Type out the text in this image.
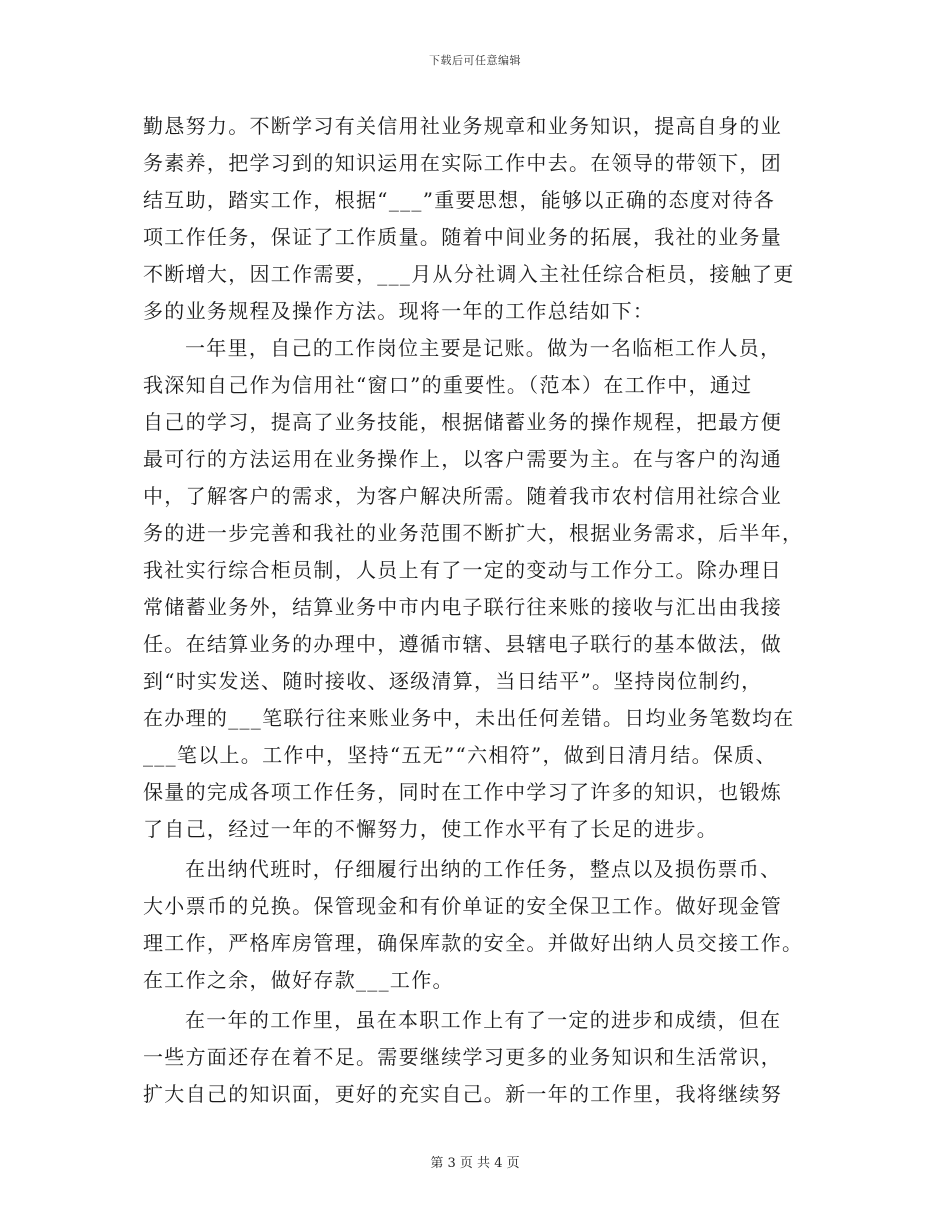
下载后可任意编辑
勤恳努力。不断学习有关信用社业务规章和业务知识，提高自身的业
务素养，把学习到的知识运用在实际工作中去。在领导的带领下，团
结互助，踏实工作，根据“___”重要思想，能够以正确的态度对待各
项工作任务，保证了工作质量。随着中间业务的拓展，我社的业务量
不断增大，因工作需要，___月从分社调入主社任综合柜员，接触了更
多的业务规程及操作方法。现将一年的工作总结如下：
一年里，自己的工作岗位主要是记账。做为一名临柜工作人员，
我深知自己作为信用社“窗口”的重要性。（范本）在工作中，通过
自己的学习，提高了业务技能，根据储蓄业务的操作规程，把最方便
最可行的方法运用在业务操作上，以客户需要为主。在与客户的沟通
中，了解客户的需求，为客户解决所需。随着我市农村信用社综合业
务的进一步完善和我社的业务范围不断扩大，根据业务需求，后半年，
我社实行综合柜员制，人员上有了一定的变动与工作分工。除办理日
常储蓄业务外，结算业务中市内电子联行往来账的接收与汇出由我接
任。在结算业务的办理中，遵循市辖、县辖电子联行的基本做法，做
到“时实发送、随时接收、逐级清算，当日结平”。坚持岗位制约，
在办理的___笔联行往来账业务中，未出任何差错。日均业务笔数均在
___笔以上。工作中，坚持“五无”“六相符”，做到日清月结。保质、
保量的完成各项工作任务，同时在工作中学习了许多的知识，也锻炼
了自己，经过一年的不懈努力，使工作水平有了长足的进步。
在出纳代班时，仔细履行出纳的工作任务，整点以及损伤票币、
大小票币的兑换。保管现金和有价单证的安全保卫工作。做好现金管
理工作，严格库房管理，确保库款的安全。并做好出纳人员交接工作。
在工作之余，做好存款___工作。
在一年的工作里，虽在本职工作上有了一定的进步和成绩，但在
一些方面还存在着不足。需要继续学习更多的业务知识和生活常识，
扩大自己的知识面，更好的充实自己。新一年的工作里，我将继续努
第 3 页 共 4 页
